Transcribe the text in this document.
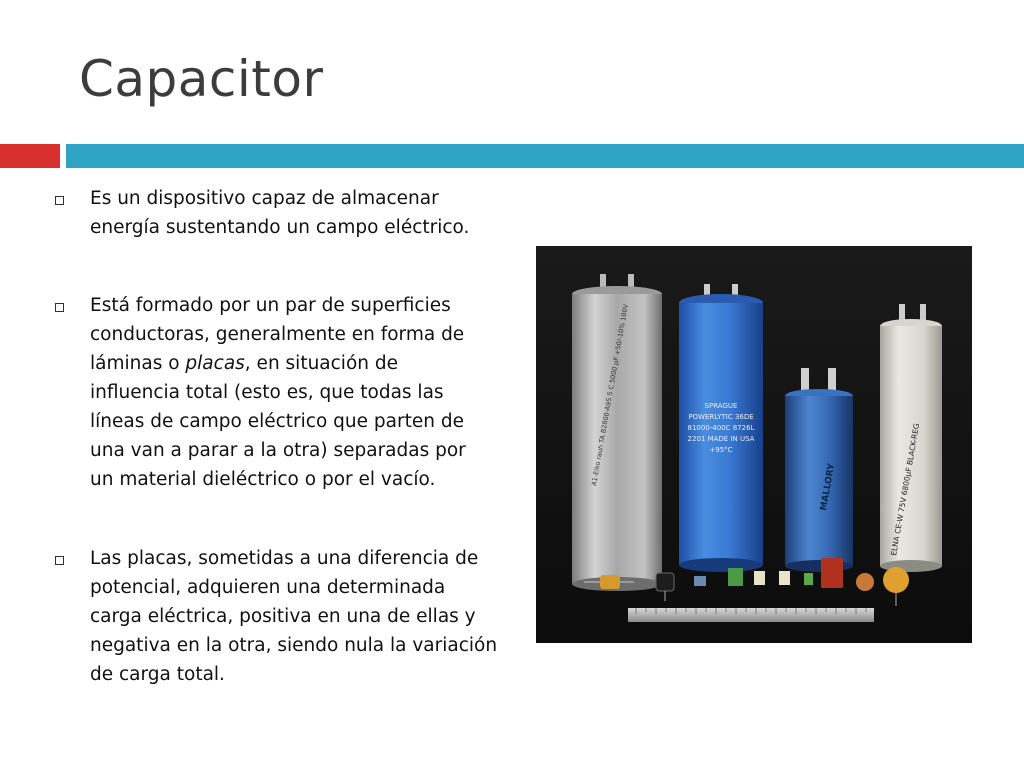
Capacitor
Es un dispositivo capaz de almacenar energía sustentando un campo eléctrico.
Está formado por un par de superficies conductoras, generalmente en forma de láminas o placas, en situación de influencia total (esto es, que todas las líneas de campo eléctrico que parten de una van a parar a la otra) separadas por un material dieléctrico o por el vacío.
Las placas, sometidas a una diferencia de potencial, adquieren una determinada carga eléctrica, positiva en una de ellas y negativa en la otra, siendo nula la variación de carga total.
A1-Elko rauh TA B2800-A95 5 C 5000 µF +50/-10% 100V	SPRAGUE POWERLYTIC 36DE 81000-400C 8726L 2201 MADE IN USA +95°C
MALLORY	ELNA CE-W 75V 6800µF BLACK-REG
